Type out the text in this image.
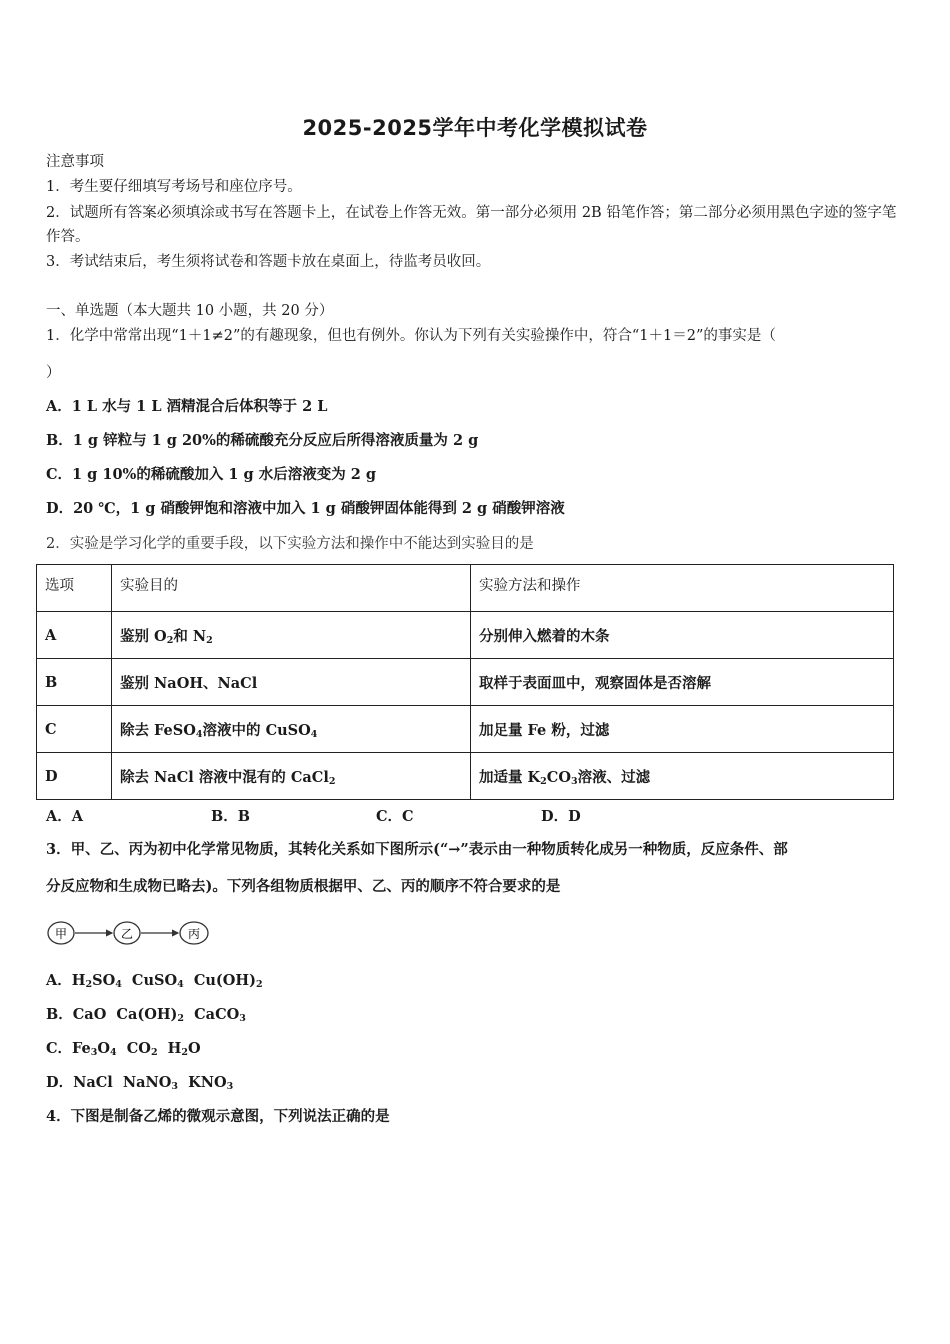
2025-2025学年中考化学模拟试卷
注意事项
1．考生要仔细填写考场号和座位序号。
2．试题所有答案必须填涂或书写在答题卡上，在试卷上作答无效。第一部分必须用 2B 铅笔作答；第二部分必须用黑色字迹的签字笔作答。
3．考试结束后，考生须将试卷和答题卡放在桌面上，待监考员收回。
一、单选题（本大题共 10 小题，共 20 分）
1．化学中常常出现“1＋1≠2”的有趣现象，但也有例外。你认为下列有关实验操作中，符合“1＋1＝2”的事实是（
）
A．1 L 水与 1 L 酒精混合后体积等于 2 L
B．1 g 锌粒与 1 g 20%的稀硫酸充分反应后所得溶液质量为 2 g
C．1 g 10%的稀硫酸加入 1 g 水后溶液变为 2 g
D．20 ℃，1 g 硝酸钾饱和溶液中加入 1 g 硝酸钾固体能得到 2 g 硝酸钾溶液
2．实验是学习化学的重要手段，以下实验方法和操作中不能达到实验目的是
选项	实验目的	实验方法和操作
A	鉴别 $O_2$和 $N_2$	分别伸入燃着的木条
B	鉴别 NaOH、NaCl	取样于表面皿中，观察固体是否溶解
C	除去 FeSO$_4$溶液中的 CuSO$_4$	加足量 Fe 粉，过滤
D	除去 NaCl 溶液中混有的 CaCl$_2$	加适量 $K_2CO_3$溶液、过滤
A．A	B．B	C．C	D．D
3．甲、乙、丙为初中化学常见物质，其转化关系如下图所示(“→”表示由一种物质转化成另一种物质，反应条件、部
分反应物和生成物已略去)。下列各组物质根据甲、乙、丙的顺序不符合要求的是
甲	乙	丙
A．$H_2SO_4$  CuSO$_4$  $Cu(OH)_2$
B．CaO  $Ca(OH)_2$  CaCO$_3$
C．$Fe_3O_4$  $CO_2$  $H_2O$
D．NaCl  NaNO$_3$  $KNO_3$
4．下图是制备乙烯的微观示意图，下列说法正确的是
